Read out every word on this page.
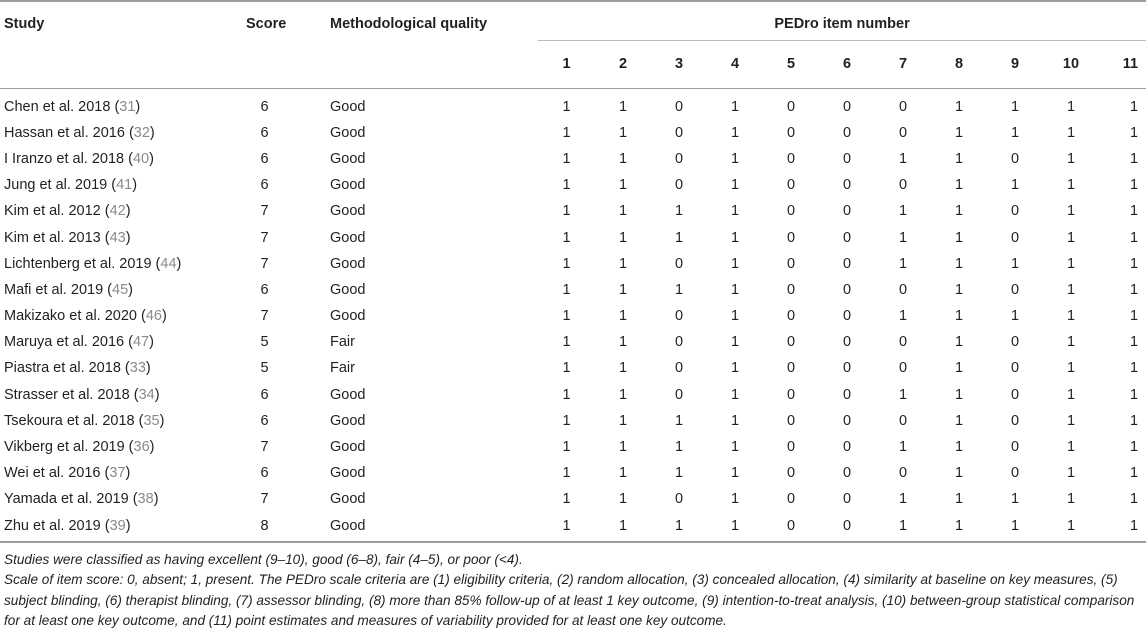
Study	Score	Methodological quality	PEDro item number										
			1	2	3	4	5	6	7	8	9	10	11
Chen et al. 2018 (31)	6	Good	1	1	0	1	0	0	0	1	1	1	1
Hassan et al. 2016 (32)	6	Good	1	1	0	1	0	0	0	1	1	1	1
I Iranzo et al. 2018 (40)	6	Good	1	1	0	1	0	0	1	1	0	1	1
Jung et al. 2019 (41)	6	Good	1	1	0	1	0	0	0	1	1	1	1
Kim et al. 2012 (42)	7	Good	1	1	1	1	0	0	1	1	0	1	1
Kim et al. 2013 (43)	7	Good	1	1	1	1	0	0	1	1	0	1	1
Lichtenberg et al. 2019 (44)	7	Good	1	1	0	1	0	0	1	1	1	1	1
Mafi et al. 2019 (45)	6	Good	1	1	1	1	0	0	0	1	0	1	1
Makizako et al. 2020 (46)	7	Good	1	1	0	1	0	0	1	1	1	1	1
Maruya et al. 2016 (47)	5	Fair	1	1	0	1	0	0	0	1	0	1	1
Piastra et al. 2018 (33)	5	Fair	1	1	0	1	0	0	0	1	0	1	1
Strasser et al. 2018 (34)	6	Good	1	1	0	1	0	0	1	1	0	1	1
Tsekoura et al. 2018 (35)	6	Good	1	1	1	1	0	0	0	1	0	1	1
Vikberg et al. 2019 (36)	7	Good	1	1	1	1	0	0	1	1	0	1	1
Wei et al. 2016 (37)	6	Good	1	1	1	1	0	0	0	1	0	1	1
Yamada et al. 2019 (38)	7	Good	1	1	0	1	0	0	1	1	1	1	1
Zhu et al. 2019 (39)	8	Good	1	1	1	1	0	0	1	1	1	1	1
Studies were classified as having excellent (9–10), good (6–8), fair (4–5), or poor (<4).
Scale of item score: 0, absent; 1, present. The PEDro scale criteria are (1) eligibility criteria, (2) random allocation, (3) concealed allocation, (4) similarity at baseline on key measures, (5) subject blinding, (6) therapist blinding, (7) assessor blinding, (8) more than 85% follow-up of at least 1 key outcome, (9) intention-to-treat analysis, (10) between-group statistical comparison for at least one key outcome, and (11) point estimates and measures of variability provided for at least one key outcome.
